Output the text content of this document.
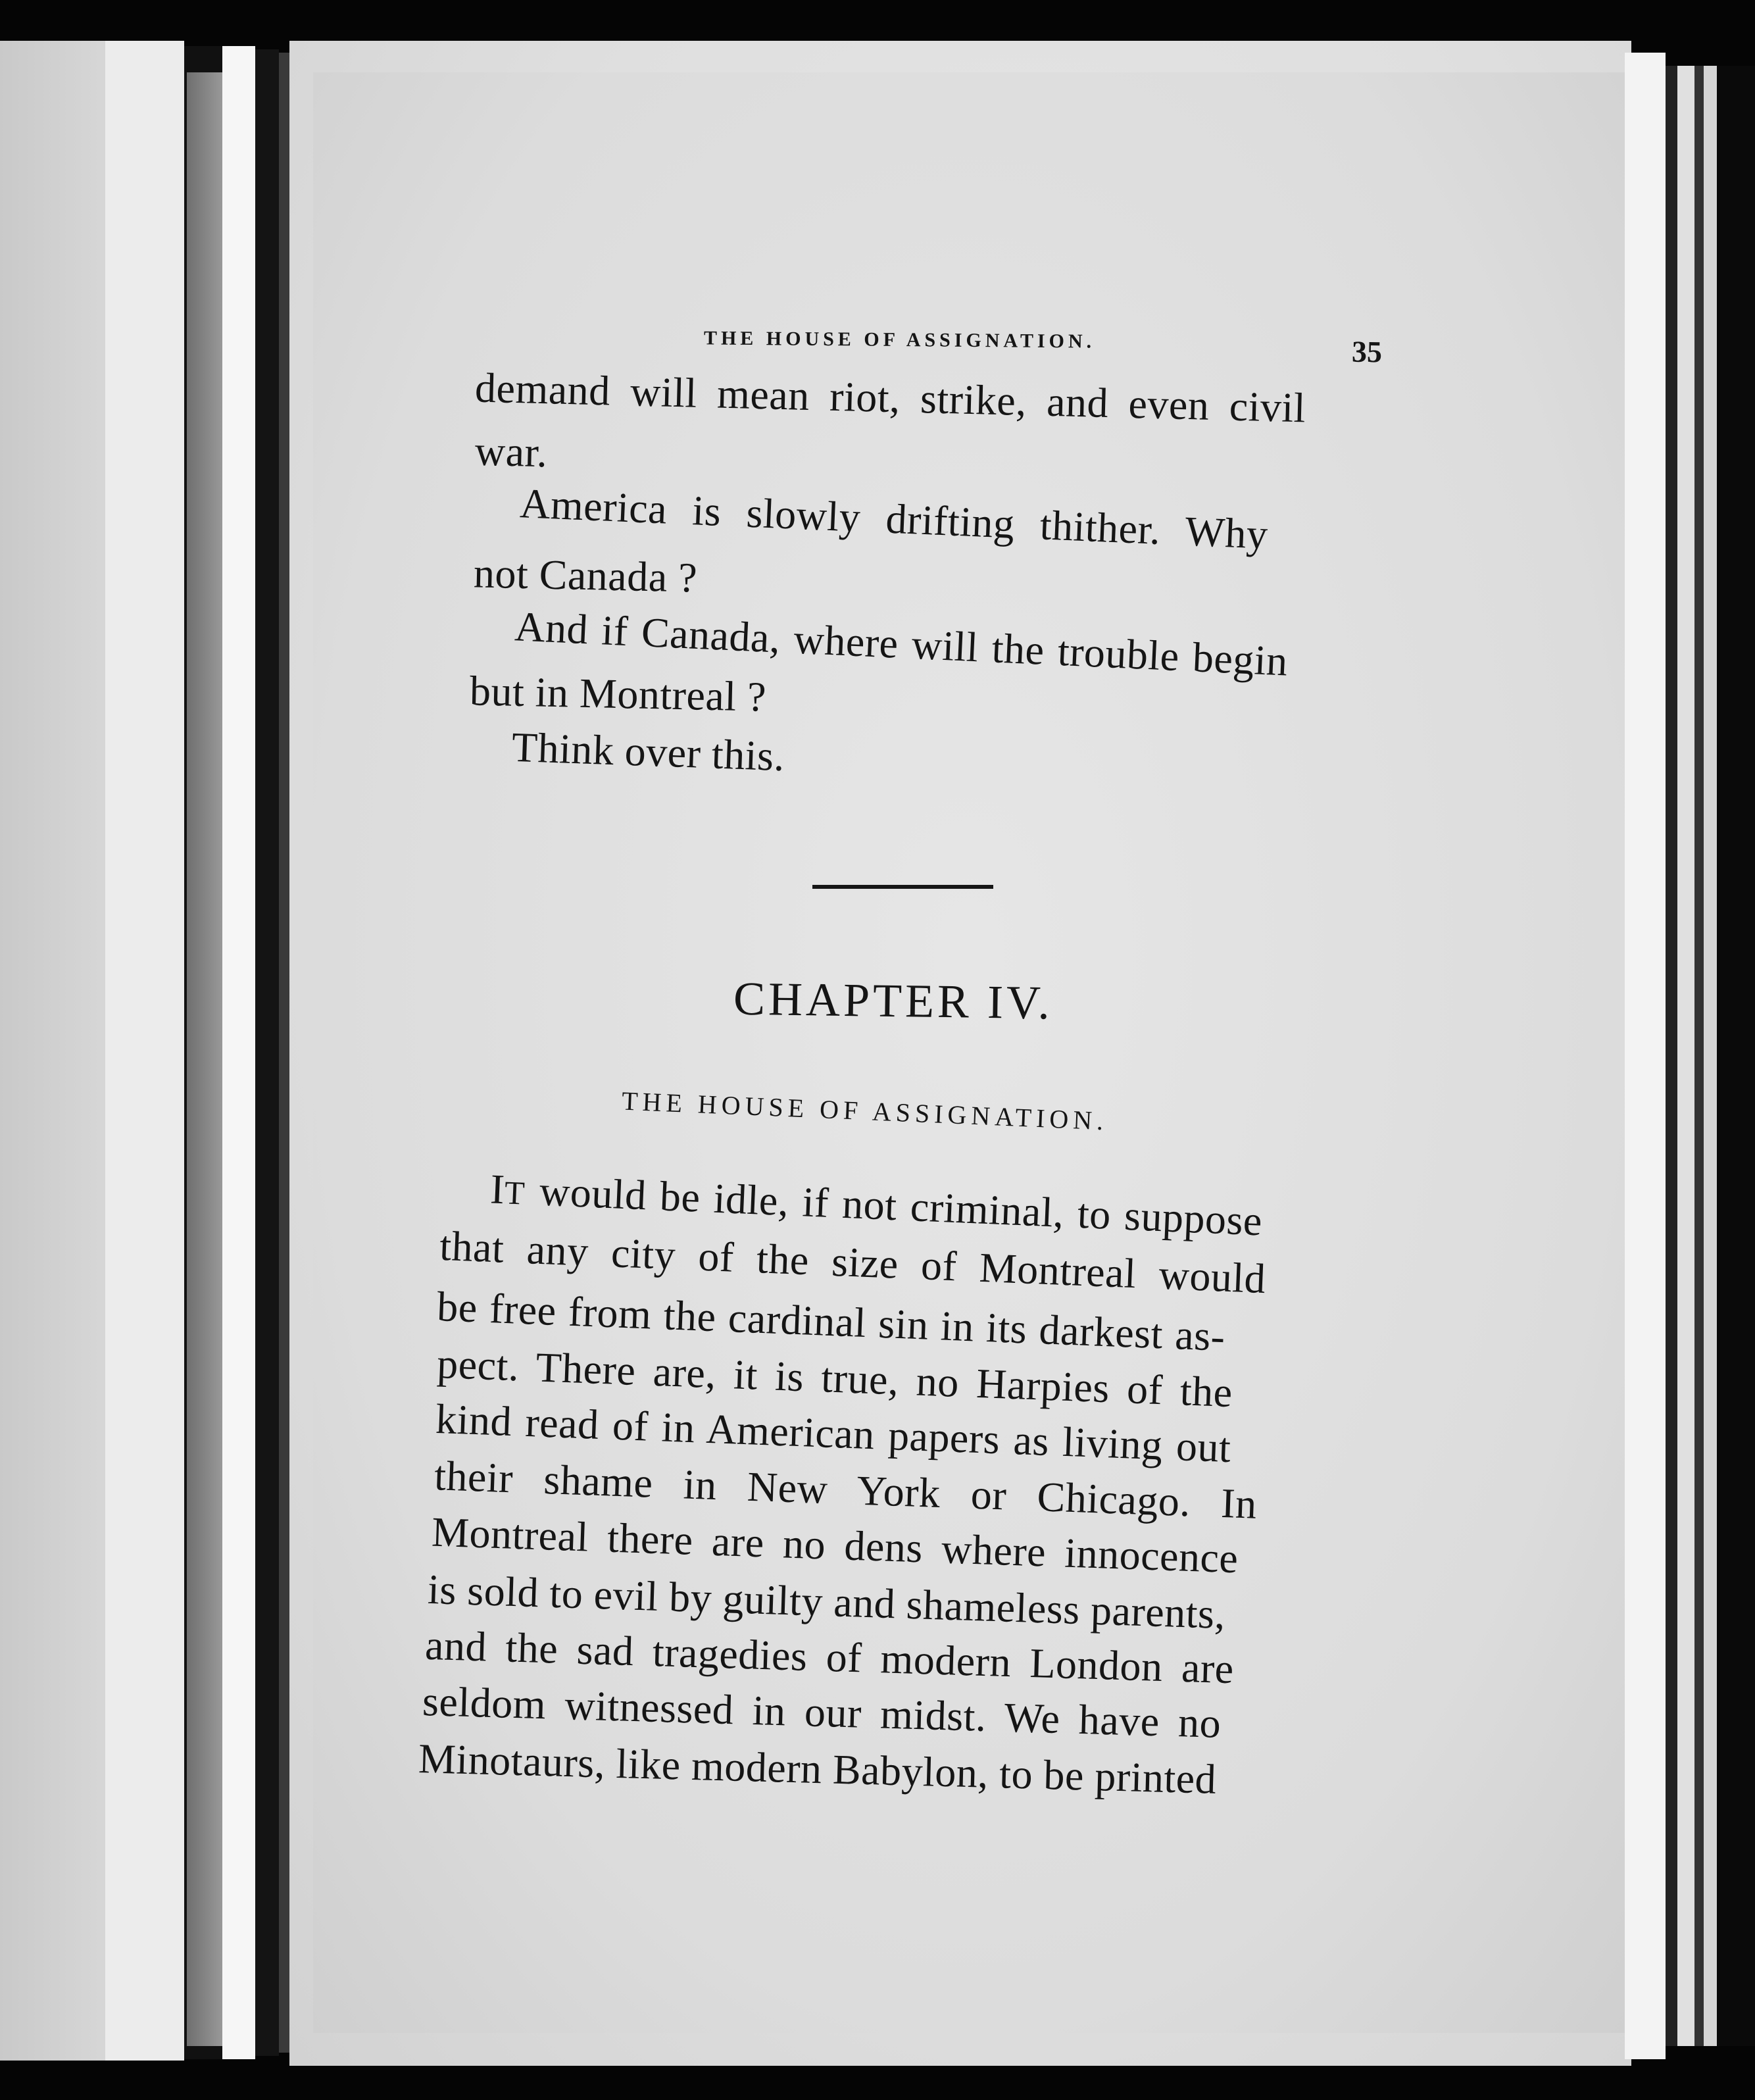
THE HOUSE OF ASSIGNATION.	35
demand will mean riot, strike, and even civil
war.
America is slowly drifting thither. Why
not Canada ?
And if Canada, where will the trouble begin
but in Montreal ?
Think over this.
CHAPTER IV.
THE HOUSE OF ASSIGNATION.
IT would be idle, if not criminal, to suppose
that any city of the size of Montreal would
be free from the cardinal sin in its darkest as-
pect. There are, it is true, no Harpies of the
kind read of in American papers as living out
their shame in New York or Chicago. In
Montreal there are no dens where innocence
is sold to evil by guilty and shameless parents,
and the sad tragedies of modern London are
seldom witnessed in our midst. We have no
Minotaurs, like modern Babylon, to be printed
